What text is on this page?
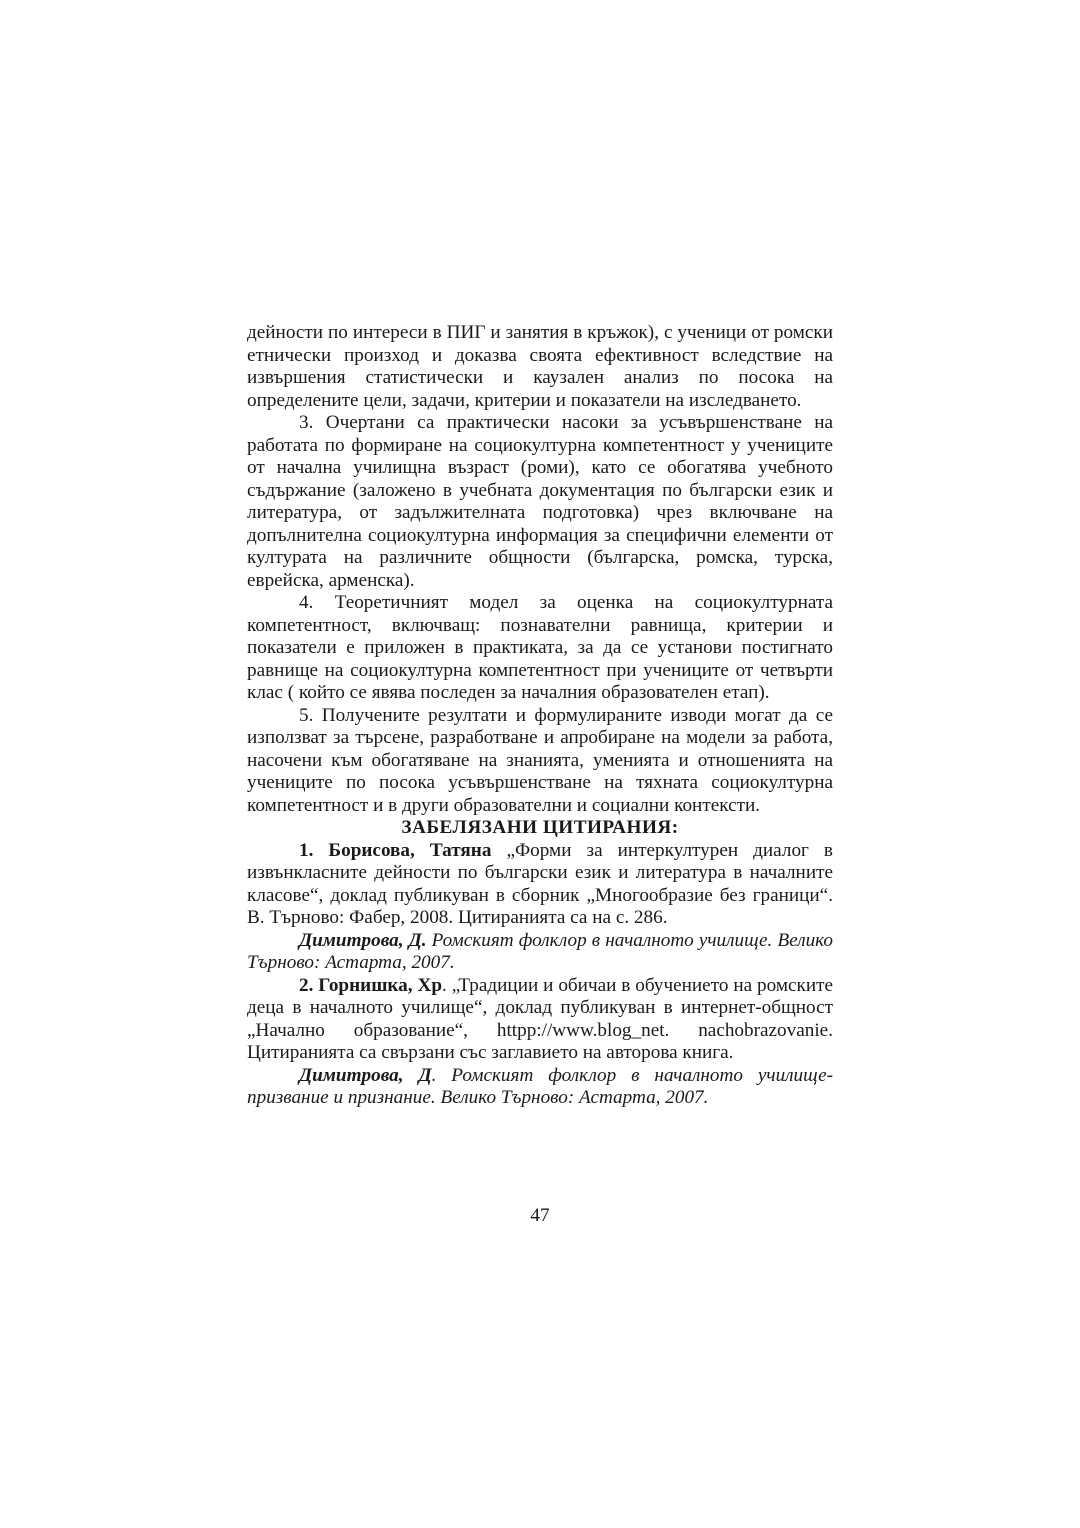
дейности по интереси в ПИГ и занятия в кръжок), с ученици от ромски етнически произход и доказва своята ефективност вследствие на извършения статистически и каузален анализ по посока на определените цели, задачи, критерии и показатели на изследването.

3. Очертани са практически насоки за усъвършенстване на работата по формиране на социокултурна компетентност у учениците от начална училищна възраст (роми), като се обогатява учебното съдържание (заложено в учебната документация по български език и литература, от задължителната подготовка) чрез включване на допълнителна социокултурна информация за специфични елементи от културата на различните общности (българска, ромска, турска, еврейска, арменска).

4. Теоретичният модел за оценка на социокултурната компетентност, включващ: познавателни равнища, критерии и показатели е приложен в практиката, за да се установи постигнато равнище на социокултурна компетентност при учениците от четвърти клас ( който се явява последен за началния образователен етап).

5. Получените резултати и формулираните изводи могат да се използват за търсене, разработване и апробиране на модели за работа, насочени към обогатяване на знанията, уменията и отношенията на учениците по посока усъвършенстване на тяхната социокултурна компетентност и в други образователни и социални контексти.

ЗАБЕЛЯЗАНИ ЦИТИРАНИЯ:

1. Борисова, Татяна „Форми за интеркултурен диалог в извънкласните дейности по български език и литература в началните класове“, доклад публикуван в сборник „Многообразие без граници“. В. Търново: Фабер, 2008. Цитиранията са на с. 286.

Димитрова, Д. Ромският фолклор в началното училище. Велико Търново: Астарта, 2007.

2. Горнишка, Хр. „Традиции и обичаи в обучението на ромските деца в началното училище“, доклад публикуван в интернет-общност „Начално образование“, httpp://www.blog_net. nachobrazovanie. Цитиранията са свързани със заглавието на авторова книга.

Димитрова, Д. Ромският фолклор в началното училище-призвание и признание. Велико Търново: Астарта, 2007.

47
